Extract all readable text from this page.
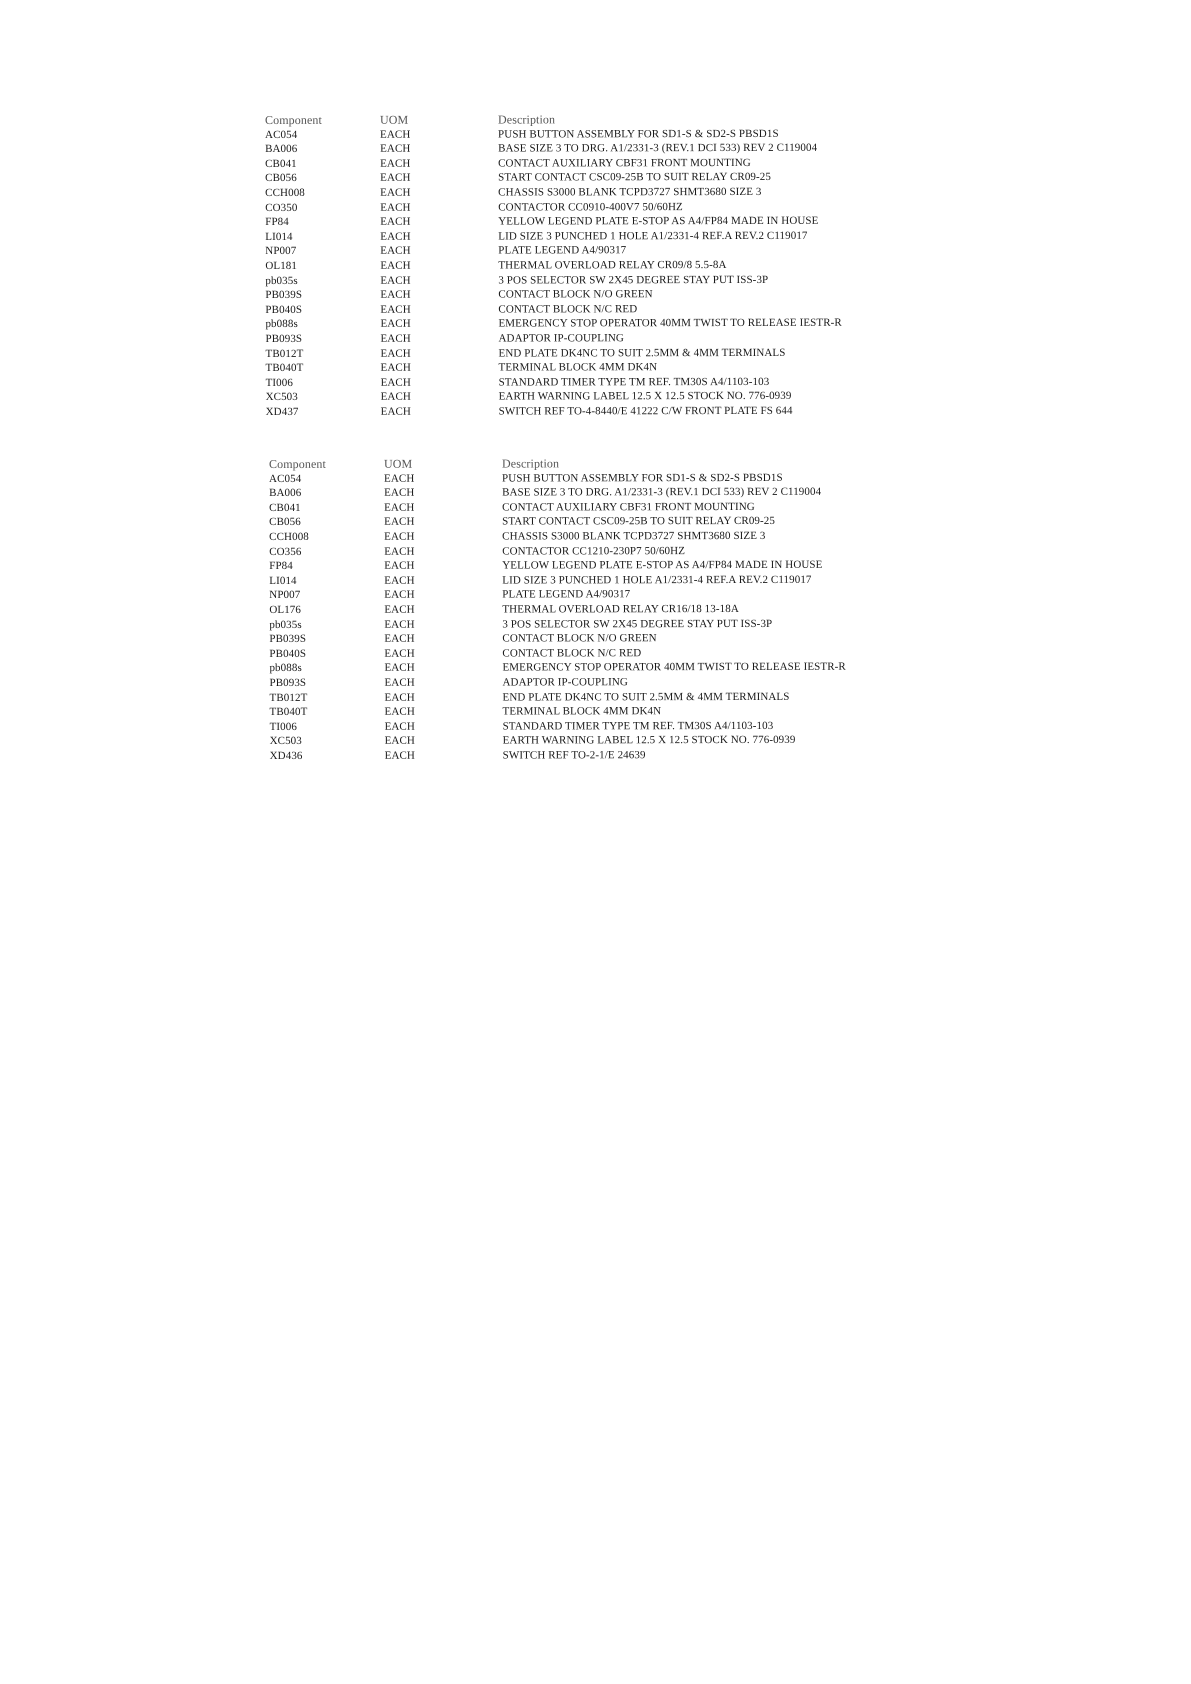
Component	UOM	Description
AC054	EACH	PUSH BUTTON ASSEMBLY FOR SD1-S & SD2-S PBSD1S
BA006	EACH	BASE SIZE 3 TO DRG. A1/2331-3 (REV.1 DCI 533) REV 2 C119004
CB041	EACH	CONTACT AUXILIARY CBF31 FRONT MOUNTING
CB056	EACH	START CONTACT CSC09-25B TO SUIT RELAY CR09-25
CCH008	EACH	CHASSIS S3000 BLANK TCPD3727 SHMT3680 SIZE 3
CO350	EACH	CONTACTOR CC0910-400V7 50/60HZ
FP84	EACH	YELLOW LEGEND PLATE E-STOP AS A4/FP84 MADE IN HOUSE
LI014	EACH	LID SIZE 3 PUNCHED 1 HOLE A1/2331-4 REF.A REV.2 C119017
NP007	EACH	PLATE LEGEND A4/90317
OL181	EACH	THERMAL OVERLOAD RELAY CR09/8 5.5-8A
pb035s	EACH	3 POS SELECTOR SW 2X45 DEGREE STAY PUT ISS-3P
PB039S	EACH	CONTACT BLOCK N/O GREEN
PB040S	EACH	CONTACT BLOCK N/C RED
pb088s	EACH	EMERGENCY STOP OPERATOR 40MM TWIST TO RELEASE IESTR-R
PB093S	EACH	ADAPTOR IP-COUPLING
TB012T	EACH	END PLATE DK4NC TO SUIT 2.5MM & 4MM TERMINALS
TB040T	EACH	TERMINAL BLOCK 4MM DK4N
TI006	EACH	STANDARD TIMER TYPE TM REF. TM30S A4/1103-103
XC503	EACH	EARTH WARNING LABEL 12.5 X 12.5 STOCK NO. 776-0939
XD437	EACH	SWITCH REF TO-4-8440/E 41222 C/W FRONT PLATE FS 644
Component	UOM	Description
AC054	EACH	PUSH BUTTON ASSEMBLY FOR SD1-S & SD2-S PBSD1S
BA006	EACH	BASE SIZE 3 TO DRG. A1/2331-3 (REV.1 DCI 533) REV 2 C119004
CB041	EACH	CONTACT AUXILIARY CBF31 FRONT MOUNTING
CB056	EACH	START CONTACT CSC09-25B TO SUIT RELAY CR09-25
CCH008	EACH	CHASSIS S3000 BLANK TCPD3727 SHMT3680 SIZE 3
CO356	EACH	CONTACTOR CC1210-230P7 50/60HZ
FP84	EACH	YELLOW LEGEND PLATE E-STOP AS A4/FP84 MADE IN HOUSE
LI014	EACH	LID SIZE 3 PUNCHED 1 HOLE A1/2331-4 REF.A REV.2 C119017
NP007	EACH	PLATE LEGEND A4/90317
OL176	EACH	THERMAL OVERLOAD RELAY CR16/18 13-18A
pb035s	EACH	3 POS SELECTOR SW 2X45 DEGREE STAY PUT ISS-3P
PB039S	EACH	CONTACT BLOCK N/O GREEN
PB040S	EACH	CONTACT BLOCK N/C RED
pb088s	EACH	EMERGENCY STOP OPERATOR 40MM TWIST TO RELEASE IESTR-R
PB093S	EACH	ADAPTOR IP-COUPLING
TB012T	EACH	END PLATE DK4NC TO SUIT 2.5MM & 4MM TERMINALS
TB040T	EACH	TERMINAL BLOCK 4MM DK4N
TI006	EACH	STANDARD TIMER TYPE TM REF. TM30S A4/1103-103
XC503	EACH	EARTH WARNING LABEL 12.5 X 12.5 STOCK NO. 776-0939
XD436	EACH	SWITCH REF TO-2-1/E 24639
